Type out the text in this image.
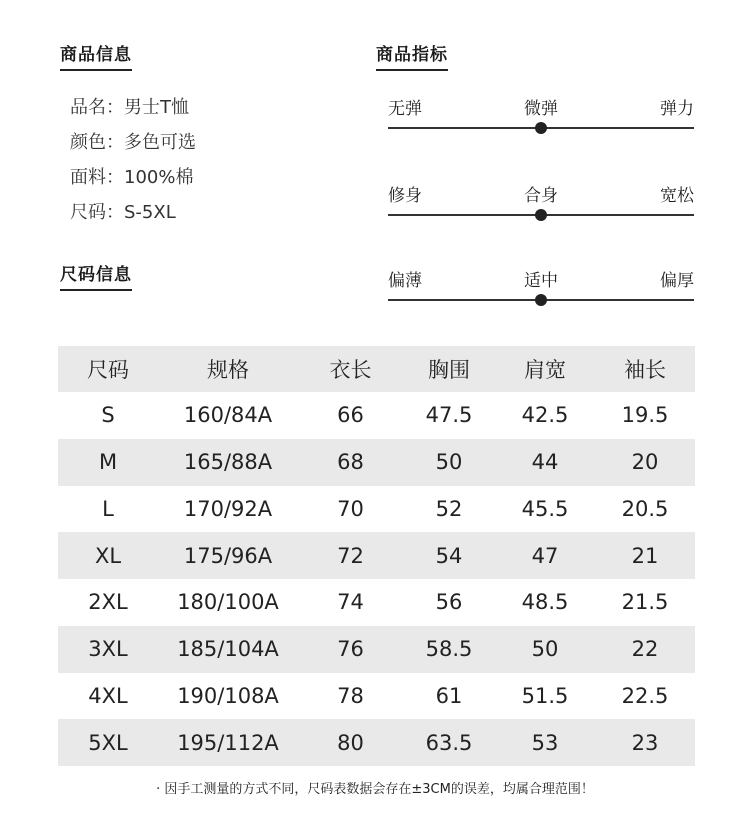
商品信息	商品指标
品名：男士T恤
颜色：多色可选
面料：100%棉
尺码：S-5XL
尺码信息
无弹	微弹	弹力
修身	合身	宽松
偏薄	适中	偏厚
尺码	规格	衣长	胸围	肩宽	袖长
S	160/84A	66	47.5	42.5	19.5
M	165/88A	68	50	44	20
L	170/92A	70	52	45.5	20.5
XL	175/96A	72	54	47	21
2XL	180/100A	74	56	48.5	21.5
3XL	185/104A	76	58.5	50	22
4XL	190/108A	78	61	51.5	22.5
5XL	195/112A	80	63.5	53	23
· 因手工测量的方式不同，尺码表数据会存在±3CM的误差，均属合理范围！
